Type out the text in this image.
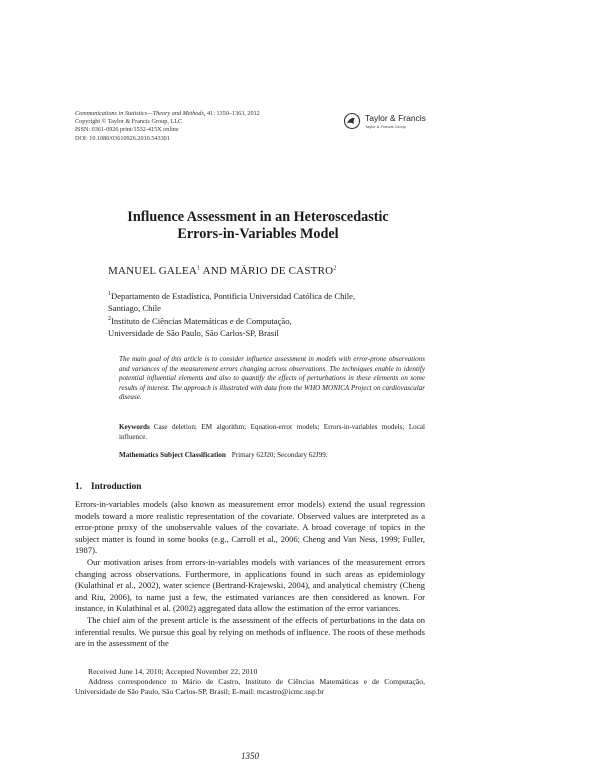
Communications in Statistics—Theory and Methods, 41: 1350–1363, 2012
Copyright © Taylor & Francis Group, LLC
ISSN: 0361-0926 print/1532-415X online
DOI: 10.1080/03610926.2010.543301
Taylor & Francis
Taylor & Francis Group
Influence Assessment in an Heteroscedastic
Errors-in-Variables Model
MANUEL GALEA$^1$ AND MÁRIO DE CASTRO$^2$
$^1$Departamento de Estadística, Pontificia Universidad Católica de Chile,
Santiago, Chile
$^2$Instituto de Ciências Matemáticas e de Computação,
Universidade de São Paulo, São Carlos-SP, Brasil
The main goal of this article is to consider influence assessment in models with error-prone observations and variances of the measurement errors changing across observations. The techniques enable to identify potential influential elements and also to quantify the effects of perturbations in these elements on some results of interest. The approach is illustrated with data from the WHO MONICA Project on cardiovascular disease.
Keywords Case deletion; EM algorithm; Equation-error models; Errors-in-variables models; Local influence.
Mathematics Subject Classification Primary 62J20; Secondary 62J99.
1. Introduction

Errors-in-variables models (also known as measurement error models) extend the usual regression models toward a more realistic representation of the covariate. Observed values are interpreted as a error-prone proxy of the unobservable values of the covariate. A broad coverage of topics in the subject matter is found in some books (e.g., Carroll et al., 2006; Cheng and Van Ness, 1999; Fuller, 1987).

Our motivation arises from errors-in-variables models with variances of the measurement errors changing across observations. Furthermore, in applications found in such areas as epidemiology (Kulathinal et al., 2002), water science (Bertrand-Krajewski, 2004), and analytical chemistry (Cheng and Riu, 2006), to name just a few, the estimated variances are then considered as known. For instance, in Kulathinal et al. (2002) aggregated data allow the estimation of the error variances.

The chief aim of the present article is the assessment of the effects of perturbations in the data on inferential results. We pursue this goal by relying on methods of influence. The roots of these methods are in the assessment of the

Received June 14, 2010; Accepted November 22, 2010
Address correspondence to Mário de Castro, Instituto de Ciências Matemáticas e de Computação, Universidade de São Paulo, São Carlos-SP, Brasil; E-mail: mcastro@icmc.usp.br
1350
